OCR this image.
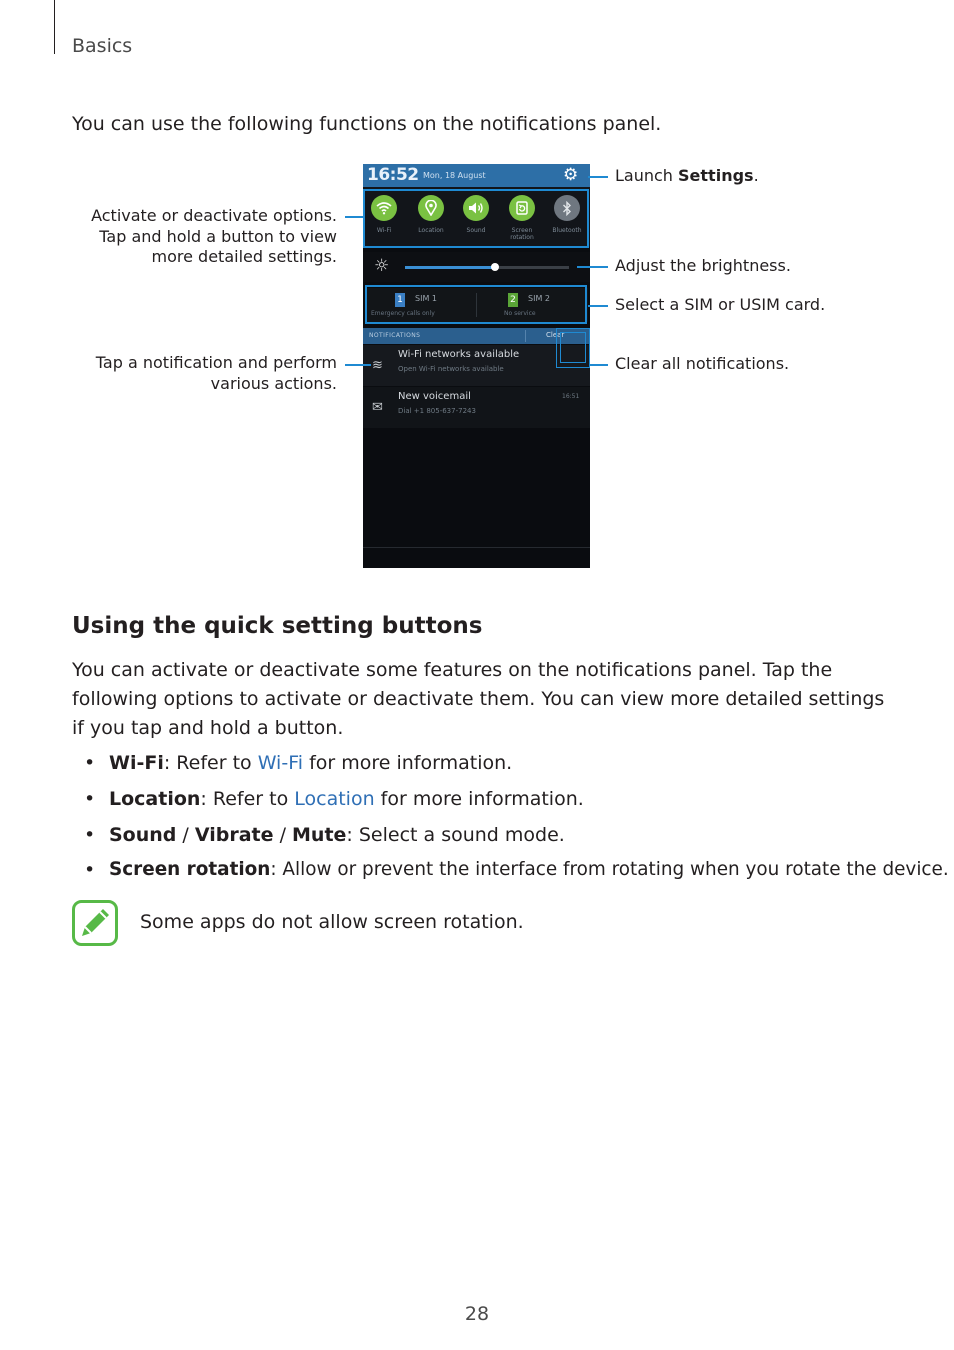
Basics
You can use the following functions on the notifications panel.
16:52 Mon, 18 August	⚙
Wi-Fi	Location	Sound	Screen rotation
Bluetooth
☼
1 SIM 1
Emergency calls only
2 SIM 2
No service
NOTIFICATIONS	Clear
≋
Wi-Fi networks available
Open Wi-Fi networks available
✉
New voicemail
Dial +1 805-637-7243
16:51
Launch Settings.
Activate or deactivate options.
Tap and hold a button to view
more detailed settings.	Adjust the brightness.
Select a SIM or USIM card.
Clear all notifications.
Tap a notification and perform
various actions.
Using the quick setting buttons
You can activate or deactivate some features on the notifications panel. Tap the following options to activate or deactivate them. You can view more detailed settings if you tap and hold a button.
• Wi-Fi: Refer to Wi-Fi for more information.
• Location: Refer to Location for more information.
• Sound / Vibrate / Mute: Select a sound mode.
• Screen rotation: Allow or prevent the interface from rotating when you rotate the device.
Some apps do not allow screen rotation.
28
